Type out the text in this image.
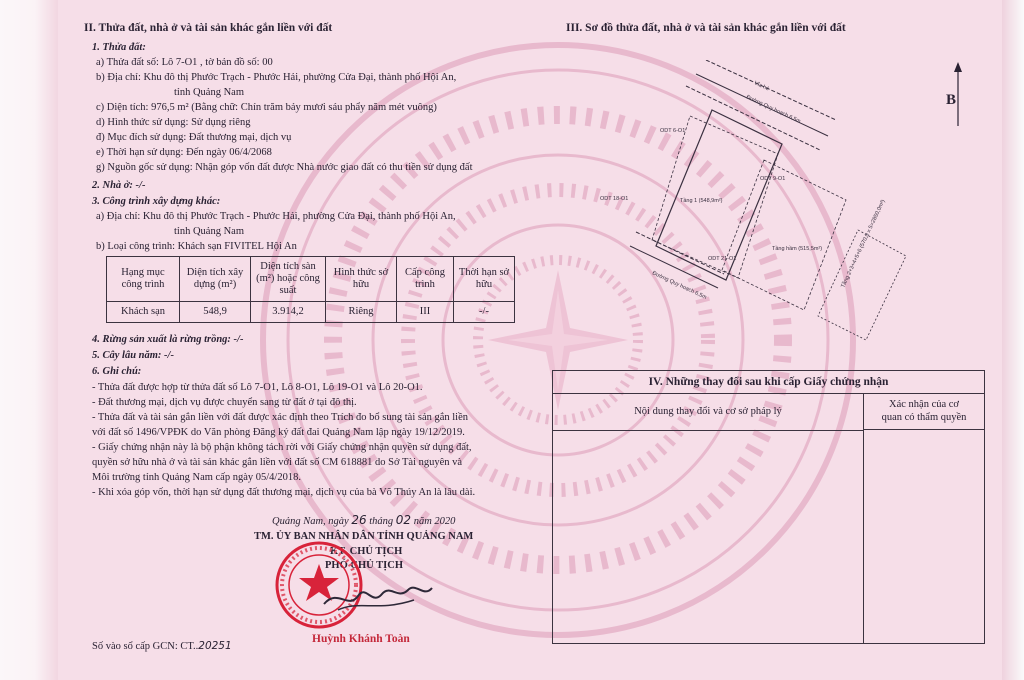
II. Thửa đất, nhà ở và tài sản khác gắn liền với đất
1. Thửa đất:
a) Thửa đất số: Lô 7-O1 , tờ bản đồ số: 00
b) Địa chỉ: Khu đô thị Phước Trạch - Phước Hải, phường Cửa Đại, thành phố Hội An,
tỉnh Quảng Nam
c) Diện tích: 976,5 m² (Bằng chữ: Chín trăm bảy mươi sáu phẩy năm mét vuông)
d) Hình thức sử dụng: Sử dụng riêng
đ) Mục đích sử dụng: Đất thương mại, dịch vụ
e) Thời hạn sử dụng: Đến ngày 06/4/2068
g) Nguồn gốc sử dụng: Nhận góp vốn đất được Nhà nước giao đất có thu tiền sử dụng đất
2. Nhà ở: -/-
3. Công trình xây dựng khác:
a) Địa chỉ: Khu đô thị Phước Trạch - Phước Hải, phường Cửa Đại, thành phố Hội An,
tỉnh Quảng Nam
b) Loại công trình: Khách sạn FIVITEL Hội An
Hạng mục công trình	Diện tích xây dựng (m²)	Diện tích sàn (m²) hoặc công suất	Hình thức sở hữu	Cấp công trình	Thời hạn sở hữu
Khách sạn	548,9	3.914,2	Riêng	III	-/-
4. Rừng sản xuất là rừng trồng: -/-
5. Cây lâu năm: -/-
6. Ghi chú:
- Thửa đất được hợp từ thửa đất số Lô 7-O1, Lô 8-O1, Lô 19-O1 và Lô 20-O1.
- Đất thương mại, dịch vụ được chuyển sang từ đất ở tại đô thị.
- Thửa đất và tài sản gắn liền với đất được xác định theo Trích đo bổ sung tài sản gắn liền
với đất số 1496/VPĐK do Văn phòng Đăng ký đất đai Quảng Nam lập ngày 19/12/2019.
- Giấy chứng nhận này là bộ phận không tách rời với Giấy chứng nhận quyền sử dụng đất,
quyền sở hữu nhà ở và tài sản khác gắn liền với đất số CM 618881 do Sở Tài nguyên và
Môi trường tỉnh Quảng Nam cấp ngày 05/4/2018.
- Khi xóa góp vốn, thời hạn sử dụng đất thương mại, dịch vụ của bà Võ Thúy An là lâu dài.
Quảng Nam, ngày 26 tháng 02 năm 2020
TM. ỦY BAN NHÂN DÂN TỈNH QUẢNG NAM
KT. CHỦ TỊCH
PHÓ CHỦ TỊCH
Huỳnh Khánh Toàn
Số vào sổ cấp GCN: CT..20251
III. Sơ đồ thửa đất, nhà ở và tài sản khác gắn liền với đất
B
Đường Quy hoạch 6,5m
Vỉa hè
Đường Quy hoạch 6,5m
ODT 6-O1
ODT 18-O1
ODT 9-O1
ODT 21-O1
Tầng 1 (548,9m²)
Tầng hầm (515,5m²)	Tầng 2+3+4+5+6 (570,0 x 5=2850,0m²)
IV. Những thay đổi sau khi cấp Giấy chứng nhận
Nội dung thay đổi và cơ sở pháp lý
Xác nhận của cơ
quan có thẩm quyền
